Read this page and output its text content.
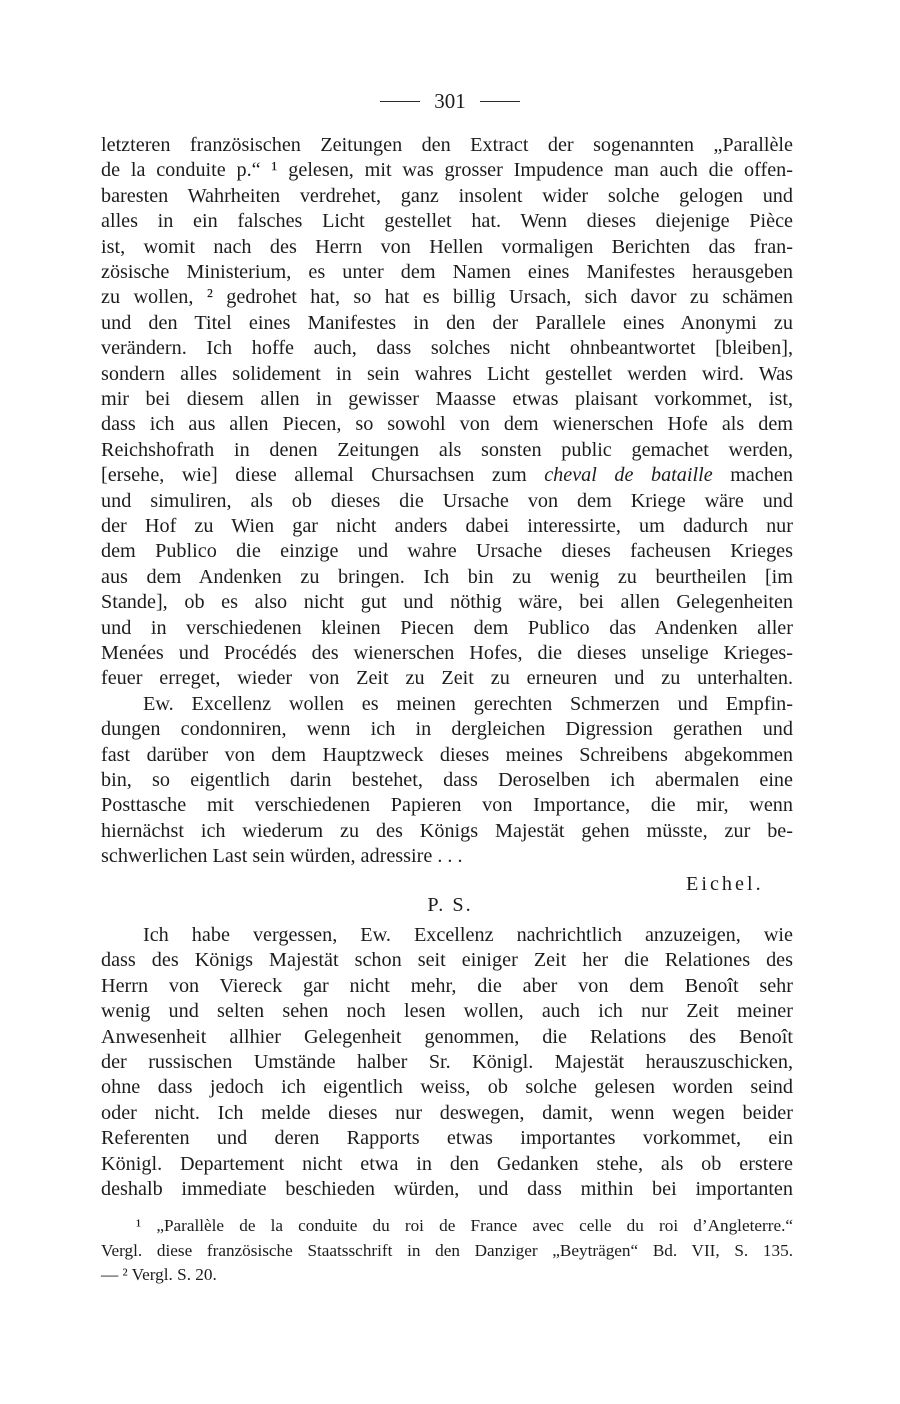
301
letzteren französischen Zeitungen den Extract der sogenannten „Parallèle
de la conduite p.“ ¹ gelesen, mit was grosser Impudence man auch die offen-
baresten Wahrheiten verdrehet, ganz insolent wider solche gelogen und
alles in ein falsches Licht gestellet hat. Wenn dieses diejenige Pièce
ist, womit nach des Herrn von Hellen vormaligen Berichten das fran-
zösische Ministerium, es unter dem Namen eines Manifestes herausgeben
zu wollen, ² gedrohet hat, so hat es billig Ursach, sich davor zu schämen
und den Titel eines Manifestes in den der Parallele eines Anonymi zu
verändern. Ich hoffe auch, dass solches nicht ohnbeantwortet [bleiben],
sondern alles solidement in sein wahres Licht gestellet werden wird. Was
mir bei diesem allen in gewisser Maasse etwas plaisant vorkommet, ist,
dass ich aus allen Piecen, so sowohl von dem wienerschen Hofe als dem
Reichshofrath in denen Zeitungen als sonsten public gemachet werden,
[ersehe, wie] diese allemal Chursachsen zum cheval de bataille machen
und simuliren, als ob dieses die Ursache von dem Kriege wäre und
der Hof zu Wien gar nicht anders dabei interessirte, um dadurch nur
dem Publico die einzige und wahre Ursache dieses facheusen Krieges
aus dem Andenken zu bringen. Ich bin zu wenig zu beurtheilen [im
Stande], ob es also nicht gut und nöthig wäre, bei allen Gelegenheiten
und in verschiedenen kleinen Piecen dem Publico das Andenken aller
Menées und Procédés des wienerschen Hofes, die dieses unselige Krieges-
feuer erreget, wieder von Zeit zu Zeit zu erneuren und zu unterhalten.
Ew. Excellenz wollen es meinen gerechten Schmerzen und Empfin-
dungen condonniren, wenn ich in dergleichen Digression gerathen und
fast darüber von dem Hauptzweck dieses meines Schreibens abgekommen
bin, so eigentlich darin bestehet, dass Deroselben ich abermalen eine
Posttasche mit verschiedenen Papieren von Importance, die mir, wenn
hiernächst ich wiederum zu des Königs Majestät gehen müsste, zur be-
schwerlichen Last sein würden, adressire . . .
Eichel.
P. S.
Ich habe vergessen, Ew. Excellenz nachrichtlich anzuzeigen, wie
dass des Königs Majestät schon seit einiger Zeit her die Relationes des
Herrn von Viereck gar nicht mehr, die aber von dem Benoît sehr
wenig und selten sehen noch lesen wollen, auch ich nur Zeit meiner
Anwesenheit allhier Gelegenheit genommen, die Relations des Benoît
der russischen Umstände halber Sr. Königl. Majestät herauszuschicken,
ohne dass jedoch ich eigentlich weiss, ob solche gelesen worden seind
oder nicht. Ich melde dieses nur deswegen, damit, wenn wegen beider
Referenten und deren Rapports etwas importantes vorkommet, ein
Königl. Departement nicht etwa in den Gedanken stehe, als ob erstere
deshalb immediate beschieden würden, und dass mithin bei importanten
¹ „Parallèle de la conduite du roi de France avec celle du roi d’Angleterre.“
Vergl. diese französische Staatsschrift in den Danziger „Beyträgen“ Bd. VII, S. 135.
— ² Vergl. S. 20.
